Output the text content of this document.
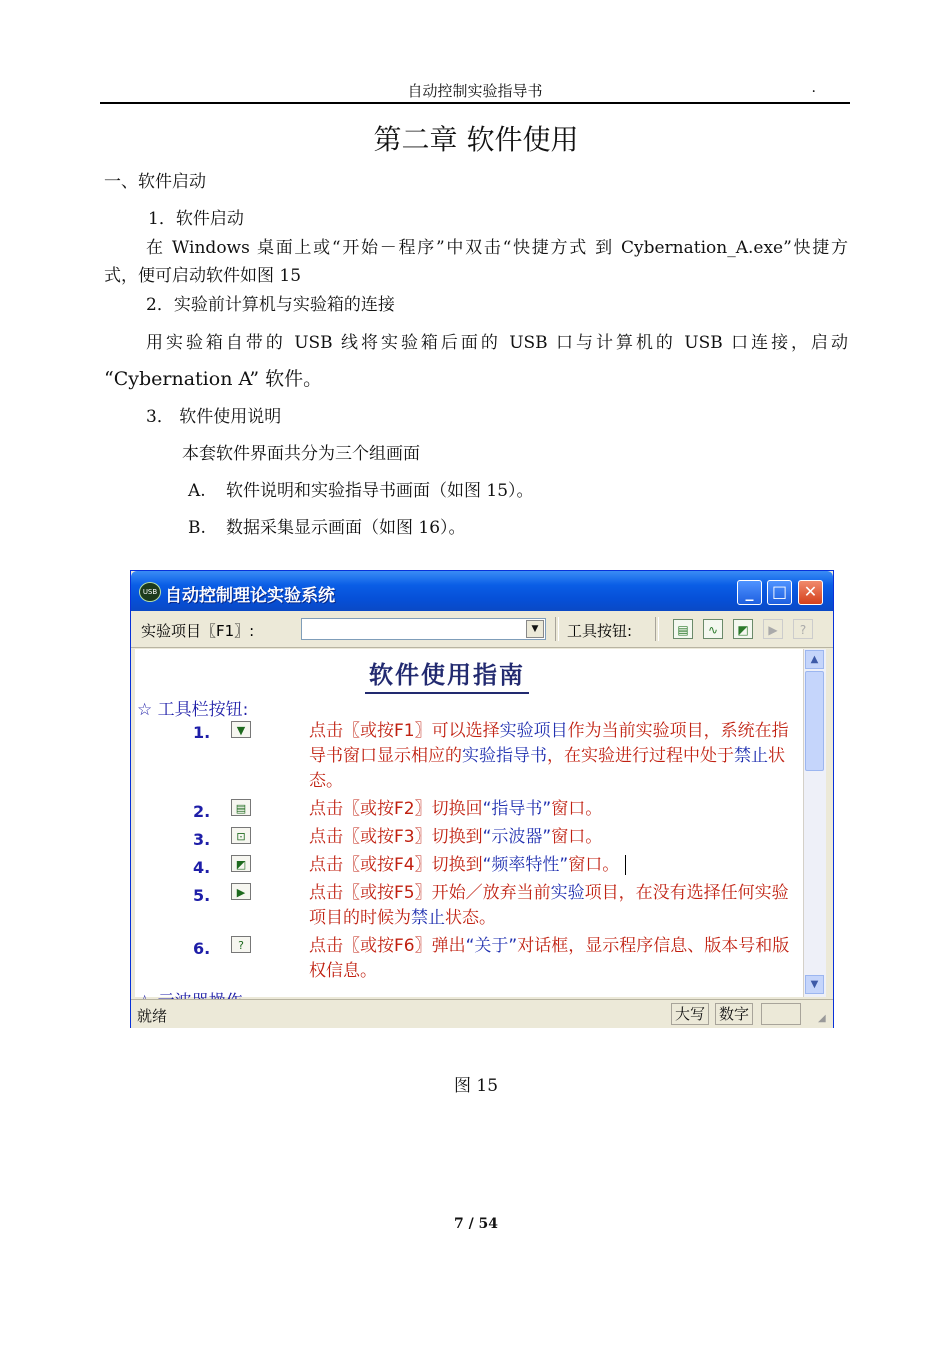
自动控制实验指导书	.
第二章 软件使用
一、软件启动
1．软件启动
在 Windows 桌面上或“开始－程序”中双击“快捷方式 到 Cybernation_A.exe”快捷方
式，便可启动软件如图 15
2．实验前计算机与实验箱的连接
用实验箱自带的 USB 线将实验箱后面的 USB 口与计算机的 USB 口连接，启动
“Cybernation A” 软件。
3． 软件使用说明
本套软件界面共分为三个组画面
A. 软件说明和实验指导书画面（如图 15）。
B. 数据采集显示画面（如图 16）。
USB 自动控制理论实验系统	_	□	✕
实验项目〖F1〗:	▼	工具按钮:	▤	∿	◩	▶	?
软件使用指南
☆ 工具栏按钮:
1.	▼	点击〖或按F1〗可以选择实验项目作为当前实验项目，系统在指导书窗口显示相应的实验指导书，在实验进行过程中处于禁止状态。
2.	▤	点击〖或按F2〗切换回“指导书”窗口。
3.	⊡	点击〖或按F3〗切换到“示波器”窗口。
4.	◩	点击〖或按F4〗切换到“频率特性”窗口。
5.	▶	点击〖或按F5〗开始／放弃当前实验项目，在没有选择任何实验项目的时候为禁止状态。
6.	?	点击〖或按F6〗弹出“关于”对话框，显示程序信息、版本号和版权信息。
▲
▼
就绪	大写 数字	◢
图 15
7 / 54
